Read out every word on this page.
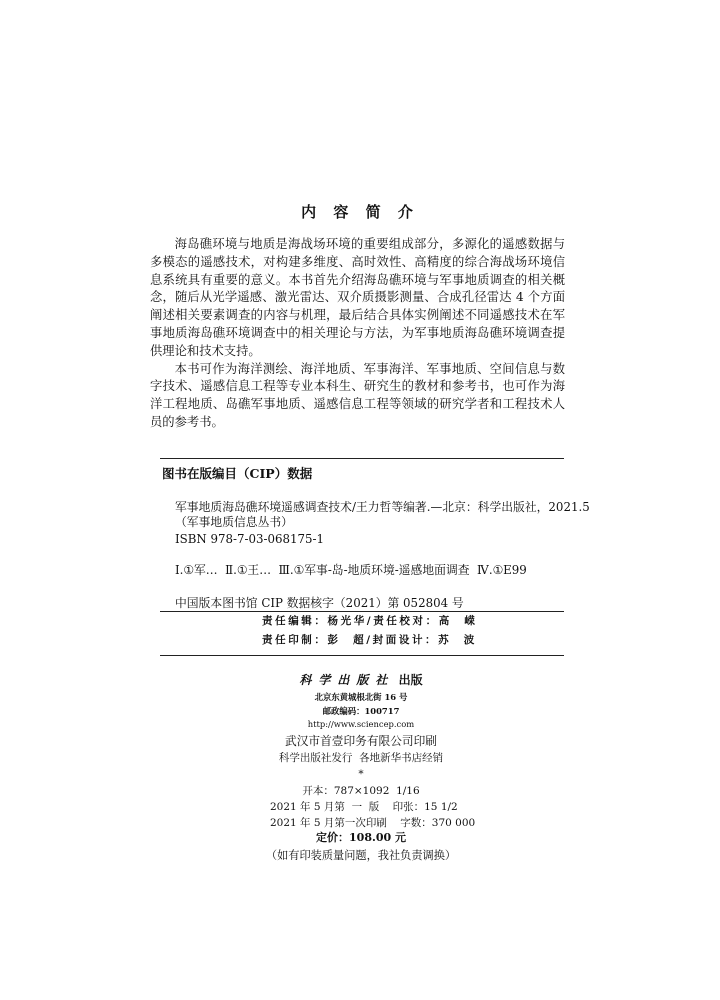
内 容 简 介
海岛礁环境与地质是海战场环境的重要组成部分，多源化的遥感数据与
多模态的遥感技术，对构建多维度、高时效性、高精度的综合海战场环境信
息系统具有重要的意义。本书首先介绍海岛礁环境与军事地质调查的相关概
念，随后从光学遥感、激光雷达、双介质摄影测量、合成孔径雷达 4 个方面
阐述相关要素调查的内容与机理，最后结合具体实例阐述不同遥感技术在军
事地质海岛礁环境调查中的相关理论与方法，为军事地质海岛礁环境调查提
供理论和技术支持。
本书可作为海洋测绘、海洋地质、军事海洋、军事地质、空间信息与数
字技术、遥感信息工程等专业本科生、研究生的教材和参考书，也可作为海
洋工程地质、岛礁军事地质、遥感信息工程等领域的研究学者和工程技术人
员的参考书。
图书在版编目（CIP）数据
军事地质海岛礁环境遥感调查技术/王力哲等编著.—北京：科学出版社，2021.5
（军事地质信息丛书）
ISBN 978-7-03-068175-1
Ⅰ.①军…  Ⅱ.①王…  Ⅲ.①军事-岛-地质环境-遥感地面调查  Ⅳ.①E99
中国版本图书馆 CIP 数据核字（2021）第 052804 号
责任编辑：杨光华/责任校对：高  嵘
责任印制：彭  超/封面设计：苏  波
科学出版社 出版
北京东黄城根北街 16 号
邮政编码：100717
http://www.sciencep.com
武汉市首壹印务有限公司印刷
科学出版社发行  各地新华书店经销
*
开本：787×1092  1/16
2021 年 5 月第  一  版    印张：15 1/2
2021 年 5 月第一次印刷    字数：370 000
定价：108.00 元
（如有印装质量问题，我社负责调换）
